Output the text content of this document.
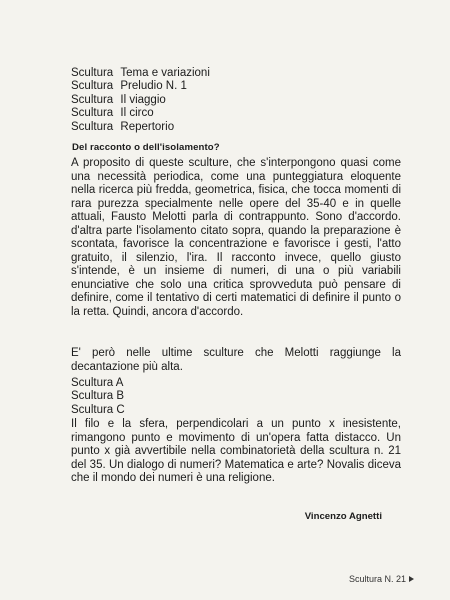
Scultura Tema e variazioni
Scultura Preludio N. 1
Scultura Il viaggio
Scultura Il circo
Scultura Repertorio
Del racconto o dell'isolamento?

A proposito di queste sculture, che s'interpongono quasi come una necessità periodica, come una punteggiatura eloquente nella ricerca più fredda, geometrica, fisica, che tocca momenti di rara purezza specialmente nelle opere del 35-40 e in quelle attuali, Fausto Melotti parla di contrappunto. Sono d'accordo. d'altra parte l'isolamento citato sopra, quando la preparazione è scontata, favorisce la concentrazione e favorisce i gesti, l'atto gratuito, il silenzio, l'ira. Il racconto invece, quello giusto s'intende, è un insieme di numeri, di una o più variabili enunciative che solo una critica sprovveduta può pensare di definire, come il tentativo di certi matematici di definire il punto o la retta. Quindi, ancora d'accordo.

E' però nelle ultime sculture che Melotti raggiunge la decantazione più alta.

Scultura A
Scultura B
Scultura C

Il filo e la sfera, perpendicolari a un punto x inesistente, rimangono punto e movimento di un'opera fatta distacco. Un punto x già avvertibile nella combinatorietà della scultura n. 21 del 35. Un dialogo di numeri? Matematica e arte? Novalis diceva che il mondo dei numeri è una religione.

Vincenzo Agnetti
Scultura N. 21
